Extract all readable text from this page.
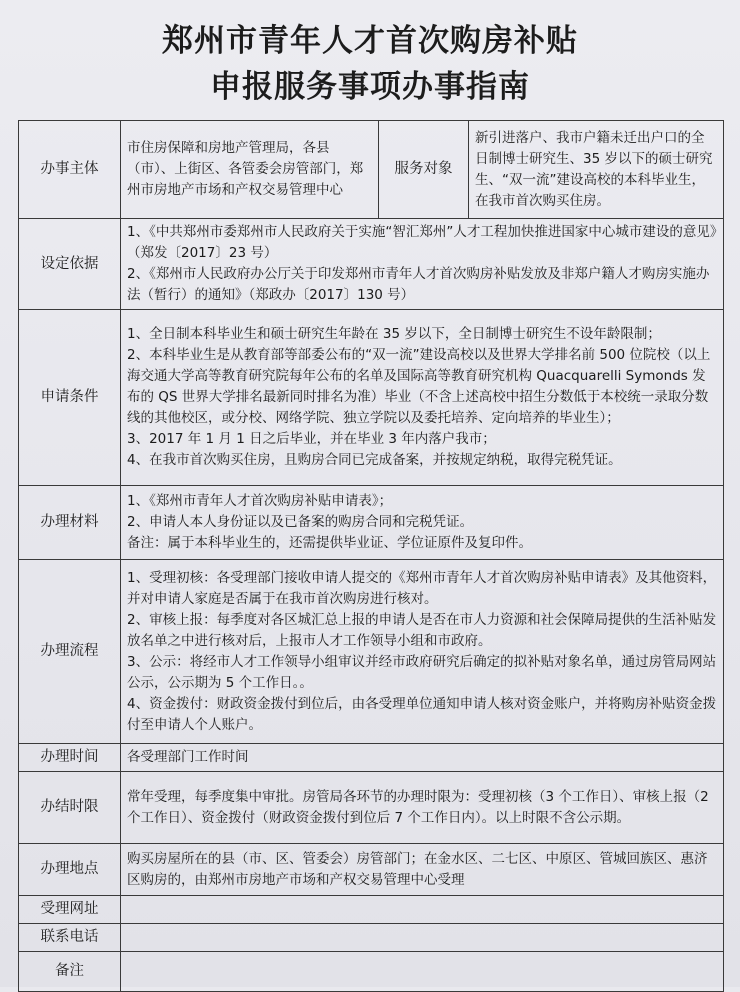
郑州市青年人才首次购房补贴
申报服务事项办事指南
办事主体	市住房保障和房地产管理局，各县（市）、上街区、各管委会房管部门，郑州市房地产市场和产权交易管理中心	服务对象	新引进落户、我市户籍未迁出户口的全日制博士研究生、35 岁以下的硕士研究生、“双一流”建设高校的本科毕业生，在我市首次购买住房。
设定依据	1、《中共郑州市委郑州市人民政府关于实施“智汇郑州”人才工程加快推进国家中心城市建设的意见》（郑发〔2017〕23 号）
2、《郑州市人民政府办公厅关于印发郑州市青年人才首次购房补贴发放及非郑户籍人才购房实施办法（暂行）的通知》（郑政办〔2017〕130 号）		

申请条件	1、全日制本科毕业生和硕士研究生年龄在 35 岁以下，全日制博士研究生不设年龄限制；
2、本科毕业生是从教育部等部委公布的“双一流”建设高校以及世界大学排名前 500 位院校（以上海交通大学高等教育研究院每年公布的名单及国际高等教育研究机构 Quacquarelli Symonds 发布的 QS 世界大学排名最新同时排名为准）毕业（不含上述高校中招生分数低于本校统一录取分数线的其他校区，或分校、网络学院、独立学院以及委托培养、定向培养的毕业生）；
3、2017 年 1 月 1 日之后毕业，并在毕业 3 年内落户我市；
4、在我市首次购买住房，且购房合同已完成备案，并按规定纳税，取得完税凭证。		

办理材料	1、《郑州市青年人才首次购房补贴申请表》；
2、申请人本人身份证以及已备案的购房合同和完税凭证。
备注：属于本科毕业生的，还需提供毕业证、学位证原件及复印件。		

办理流程	1、受理初核：各受理部门接收申请人提交的《郑州市青年人才首次购房补贴申请表》及其他资料，并对申请人家庭是否属于在我市首次购房进行核对。
2、审核上报：每季度对各区城汇总上报的申请人是否在市人力资源和社会保障局提供的生活补贴发放名单之中进行核对后，上报市人才工作领导小组和市政府。
3、公示：将经市人才工作领导小组审议并经市政府研究后确定的拟补贴对象名单，通过房管局网站公示，公示期为 5 个工作日。。
4、资金拨付：财政资金拨付到位后，由各受理单位通知申请人核对资金账户，并将购房补贴资金拨付至申请人个人账户。		

办理时间	各受理部门工作时间		
办结时限	常年受理，每季度集中审批。房管局各环节的办理时限为：受理初核（3 个工作日）、审核上报（2 个工作日）、资金拨付（财政资金拨付到位后 7 个工作日内）。以上时限不含公示期。		
办理地点	购买房屋所在的县（市、区、管委会）房管部门；在金水区、二七区、中原区、管城回族区、惠济区购房的，由郑州市房地产市场和产权交易管理中心受理		
受理网址			
联系电话			
备注			
